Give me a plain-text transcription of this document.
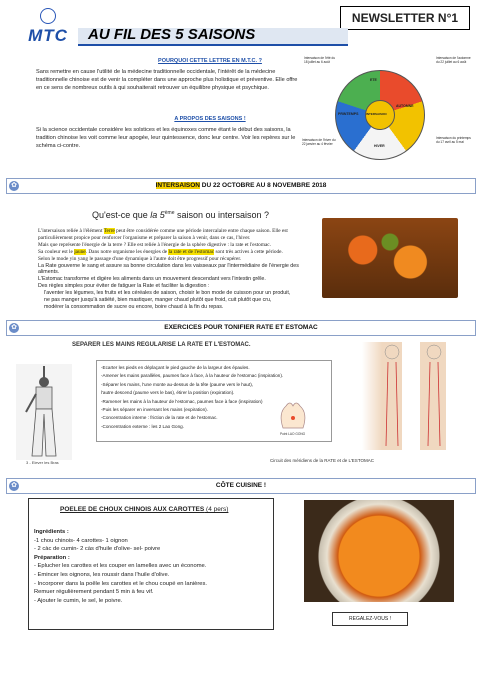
MTC
NEWSLETTER N°1
AU FIL DES 5 SAISONS
POURQUOI CETTE LETTRE EN M.T.C. ?
Sans remettre en cause l'utilité de la médecine traditionnelle occidentale, l'intérêt de la médecine traditionnelle chinoise est de venir la compléter dans une approche plus holistique et préventive. Elle offre en ce sens de nombreux outils à qui souhaiterait retrouver un équilibre physique et psychique.
A PROPOS DES SAISONS !
Si la science occidentale considère les solstices et les équinoxes comme étant le début des saisons, la tradition chinoise les voit comme leur apogée, leur quintessence, donc leur centre. Voir les repères sur le schéma ci-contre.
ETE
AUTOMNE
HIVER
PRINTEMPS	INTERSAISON
Intersaison de l'été du 18 juillet au 6 août
Intersaison de l'automne du 22 juillet au 6 août
Intersaison de l'hiver du 22 janvier au 4 février
Intersaison du printemps du 17 avril au 5 mai
✿	INTERSAISON DU 22 OCTOBRE AU 8 NOVEMBRE 2018
Qu'est-ce que la 5ème saison ou intersaison ?
L'intersaison reliée à l'élément Terre peut être considérée comme une période intercalaire entre chaque saison. Elle est particulièrement propice pour renforcer l'organisme et préparer la saison à venir, dans ce cas, l'hiver.
Mais que représente l'énergie de la terre ? Elle est reliée à l'énergie de la sphère digestive : la rate et l'estomac.
Sa couleur est le jaune. Dans notre organisme les énergies de la rate et de l'estomac sont très actives à cette période.
Selon le mode yin yang le passage d'une dynamique à l'autre doit être progressif pour récupérer.
La Rate gouverne le sang et assure sa bonne circulation dans les vaisseaux par l'intermédiaire de l'énergie des aliments.
L'Estomac transforme et digère les aliments dans un mouvement descendant vers l'intestin grêle.
Des règles simples pour éviter de fatiguer la Rate et faciliter la digestion :
l'aventer les légumes, les fruits et les céréales de saison, choisir le bon mode de cuisson pour un produit,
ne pas manger jusqu'à satiété, bien mastiquer, manger chaud plutôt que froid, cuit plutôt que cru,
modérer la consommation de sucre ou encore, boire chaud à la fin du repas.
✿	EXERCICES POUR TONIFIER RATE ET ESTOMAC
SEPARER LES MAINS REGULARISE LA RATE ET L'ESTOMAC.
3 - Elever les Bras
-Ecarter les pieds en déplaçant le pied gauche de la largeur des épaules.
-Amener les mains parallèles, paumes face à face, à la hauteur de l'estomac (inspiration).
-Séparer les mains, l'une monte au-dessus de la tête (paume vers le haut),
l'autre descend (paume vers le bas), étirer la position (expiration).
-Ramener les mains à la hauteur de l'estomac, paumes face à face (inspiration)
-Puis les séparer en inversant les mains (expiration).
-Concentration interne : friction de la rate et de l'estomac.
-Concentration externe : les 2 Lao Gong.
Point LAO GONG
Circuit des méridiens de la RATE et de L'ESTOMAC
✿	CÔTE CUISINE !
POELEE DE CHOUX CHINOIS AUX CAROTTES (4 pers)
Ingrédients :
-1 chou chinois- 4 carottes- 1 oignon
- 2 càc de cumin- 2 càs d'huile d'olive- sel- poivre
Préparation :
- Eplucher les carottes et les couper en lamelles avec un économe.
- Emincer les oignons, les roussir dans l'huile d'olive.
- Incorporer dans la poêle les carottes et le chou coupé en lanières.
Remuer régulièrement pendant 5 min à feu vif.
- Ajouter le cumin, le sel, le poivre.
REGALEZ-VOUS !
